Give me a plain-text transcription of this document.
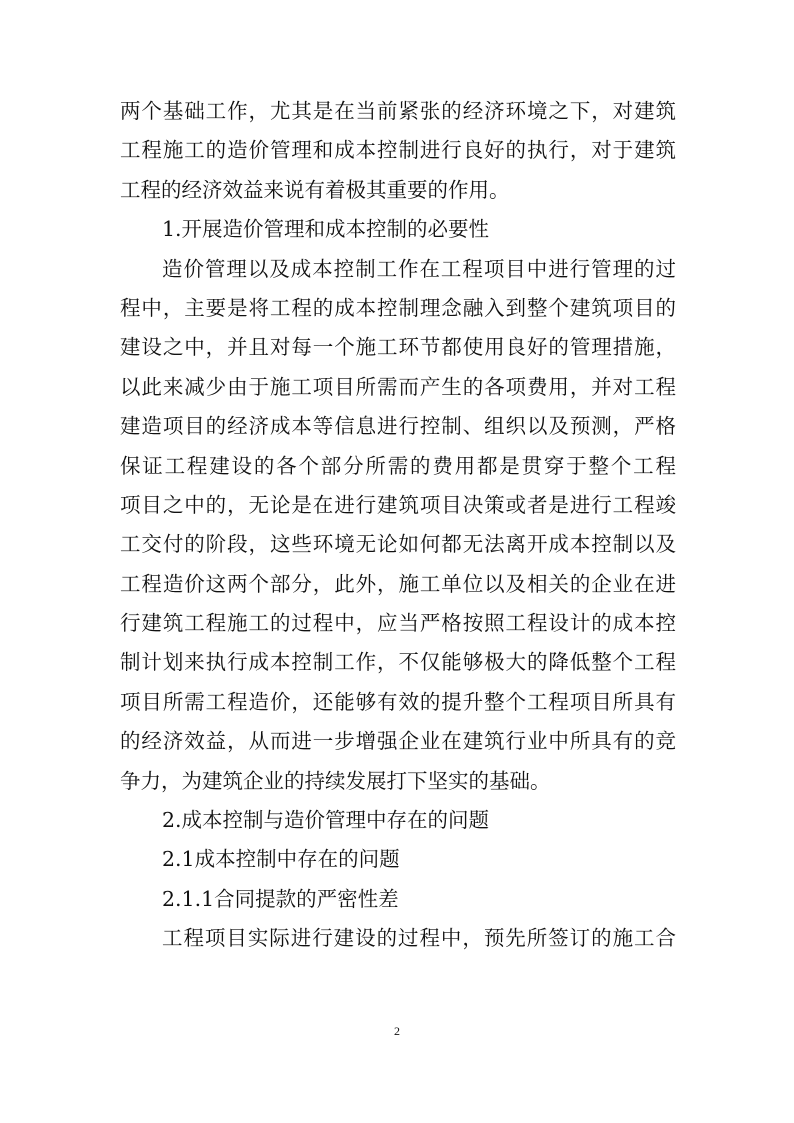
两个基础工作，尤其是在当前紧张的经济环境之下，对建筑
工程施工的造价管理和成本控制进行良好的执行，对于建筑
工程的经济效益来说有着极其重要的作用。
1.开展造价管理和成本控制的必要性
造价管理以及成本控制工作在工程项目中进行管理的过
程中，主要是将工程的成本控制理念融入到整个建筑项目的
建设之中，并且对每一个施工环节都使用良好的管理措施，
以此来减少由于施工项目所需而产生的各项费用，并对工程
建造项目的经济成本等信息进行控制、组织以及预测，严格
保证工程建设的各个部分所需的费用都是贯穿于整个工程
项目之中的，无论是在进行建筑项目决策或者是进行工程竣
工交付的阶段，这些环境无论如何都无法离开成本控制以及
工程造价这两个部分，此外，施工单位以及相关的企业在进
行建筑工程施工的过程中，应当严格按照工程设计的成本控
制计划来执行成本控制工作，不仅能够极大的降低整个工程
项目所需工程造价，还能够有效的提升整个工程项目所具有
的经济效益，从而进一步增强企业在建筑行业中所具有的竞
争力，为建筑企业的持续发展打下坚实的基础。
2.成本控制与造价管理中存在的问题
2.1成本控制中存在的问题
2.1.1合同提款的严密性差
工程项目实际进行建设的过程中，预先所签订的施工合
2
